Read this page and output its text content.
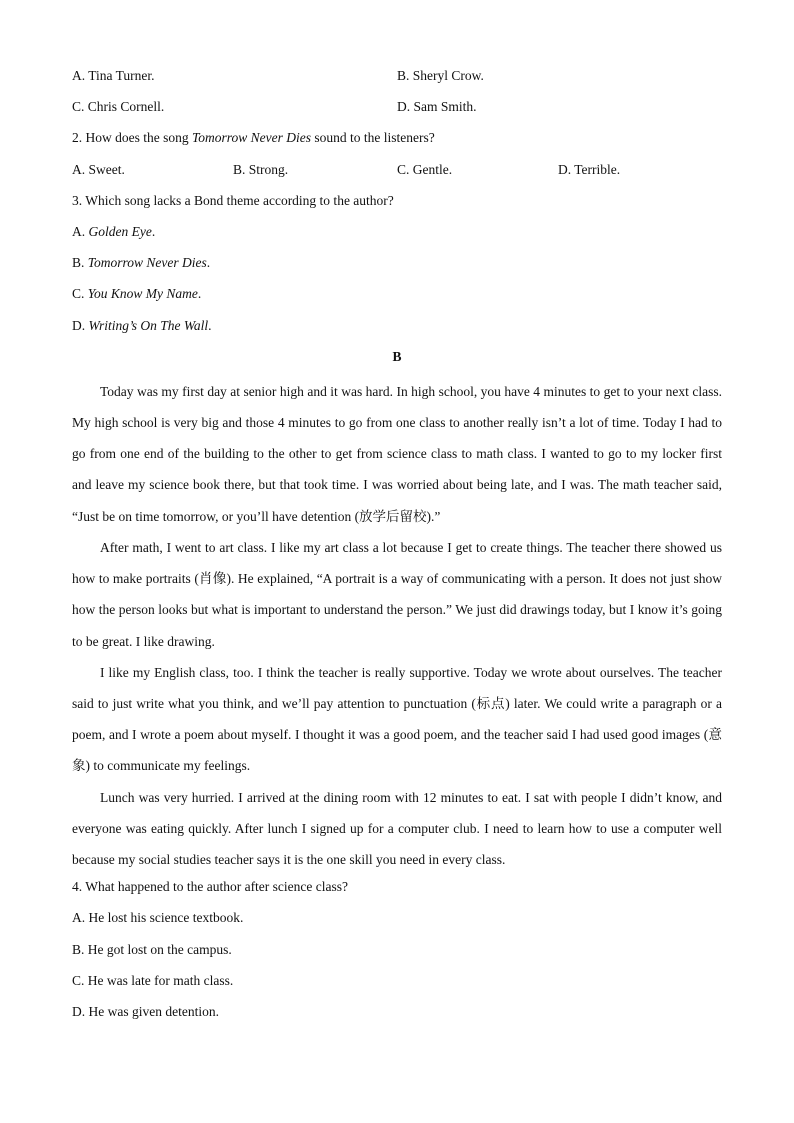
A. Tina Turner.	B. Sheryl Crow.
C. Chris Cornell.	D. Sam Smith.
2. How does the song Tomorrow Never Dies sound to the listeners?
A. Sweet.	B. Strong.	C. Gentle.	D. Terrible.
3. Which song lacks a Bond theme according to the author?
A. Golden Eye.
B. Tomorrow Never Dies.
C. You Know My Name.
D. Writing’s On The Wall.
B

Today was my first day at senior high and it was hard. In high school, you have 4 minutes to get to your next class. My high school is very big and those 4 minutes to go from one class to another really isn’t a lot of time. Today I had to go from one end of the building to the other to get from science class to math class. I wanted to go to my locker first and leave my science book there, but that took time. I was worried about being late, and I was. The math teacher said, “Just be on time tomorrow, or you’ll have detention (放学后留校).”

After math, I went to art class. I like my art class a lot because I get to create things. The teacher there showed us how to make portraits (肖像). He explained, “A portrait is a way of communicating with a person. It does not just show how the person looks but what is important to understand the person.” We just did drawings today, but I know it’s going to be great. I like drawing.

I like my English class, too. I think the teacher is really supportive. Today we wrote about ourselves. The teacher said to just write what you think, and we’ll pay attention to punctuation (标点) later. We could write a paragraph or a poem, and I wrote a poem about myself. I thought it was a good poem, and the teacher said I had used good images (意象) to communicate my feelings.

Lunch was very hurried. I arrived at the dining room with 12 minutes to eat. I sat with people I didn’t know, and everyone was eating quickly. After lunch I signed up for a computer club. I need to learn how to use a computer well because my social studies teacher says it is the one skill you need in every class.

4. What happened to the author after science class?
A. He lost his science textbook.
B. He got lost on the campus.
C. He was late for math class.
D. He was given detention.
